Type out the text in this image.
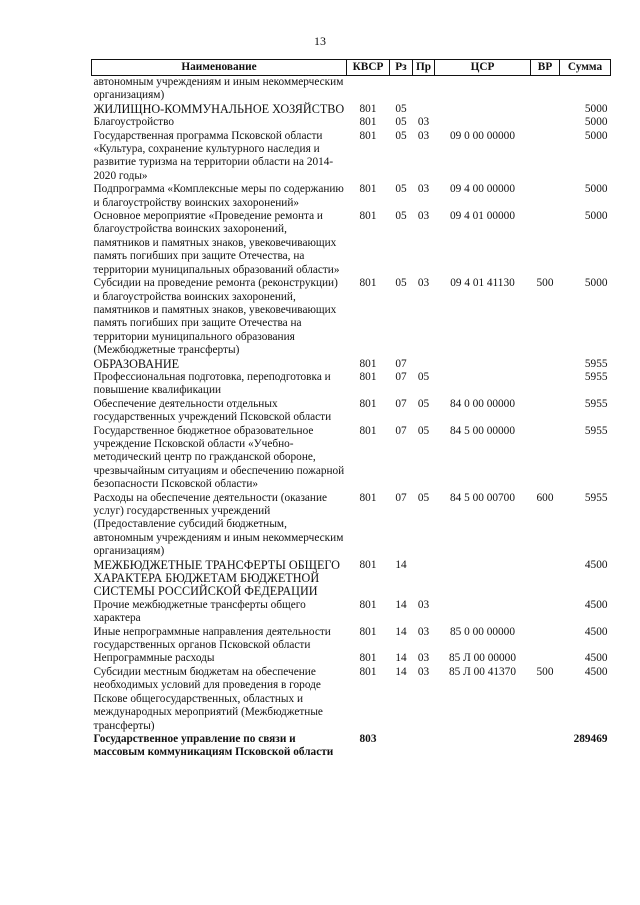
13
Наименование	КВСР	Рз	Пр	ЦСР	ВР	Сумма
автономным учреждениям и иным некоммерческим организациям)						
ЖИЛИЩНО-КОММУНАЛЬНОЕ ХОЗЯЙСТВО	801	05				5000
Благоустройство	801	05	03			5000
Государственная программа Псковской области «Культура, сохранение культурного наследия и развитие туризма на территории области на 2014-2020 годы»	801	05	03	09 0 00 00000		5000
Подпрограмма «Комплексные меры по содержанию и благоустройству воинских захоронений»	801	05	03	09 4 00 00000		5000
Основное мероприятие «Проведение ремонта и благоустройства воинских захоронений, памятников и памятных знаков, увековечивающих память погибших при защите Отечества, на территории муниципальных образований области»	801	05	03	09 4 01 00000		5000
Субсидии на проведение ремонта (реконструкции) и благоустройства воинских захоронений, памятников и памятных знаков, увековечивающих память погибших при защите Отечества на территории муниципального образования (Межбюджетные трансферты)	801	05	03	09 4 01 41130	500	5000
ОБРАЗОВАНИЕ	801	07				5955
Профессиональная подготовка, переподготовка и повышение квалификации	801	07	05			5955
Обеспечение деятельности отдельных государственных учреждений Псковской области	801	07	05	84 0 00 00000		5955
Государственное бюджетное образовательное учреждение Псковской области «Учебно-методический центр по гражданской обороне, чрезвычайным ситуациям и обеспечению пожарной безопасности Псковской области»	801	07	05	84 5 00 00000		5955
Расходы на обеспечение деятельности (оказание услуг) государственных учреждений (Предоставление субсидий бюджетным, автономным учреждениям и иным некоммерческим организациям)	801	07	05	84 5 00 00700	600	5955
МЕЖБЮДЖЕТНЫЕ ТРАНСФЕРТЫ ОБЩЕГО ХАРАКТЕРА БЮДЖЕТАМ БЮДЖЕТНОЙ СИСТЕМЫ РОССИЙСКОЙ ФЕДЕРАЦИИ	801	14				4500
Прочие межбюджетные трансферты общего характера	801	14	03			4500
Иные непрограммные направления деятельности государственных органов Псковской области	801	14	03	85 0 00 00000		4500
Непрограммные расходы	801	14	03	85 Л 00 00000		4500
Субсидии местным бюджетам на обеспечение необходимых условий для проведения в городе Пскове общегосударственных, областных и международных мероприятий (Межбюджетные трансферты)	801	14	03	85 Л 00 41370	500	4500
Государственное управление по связи и массовым коммуникациям Псковской области	803					289469
